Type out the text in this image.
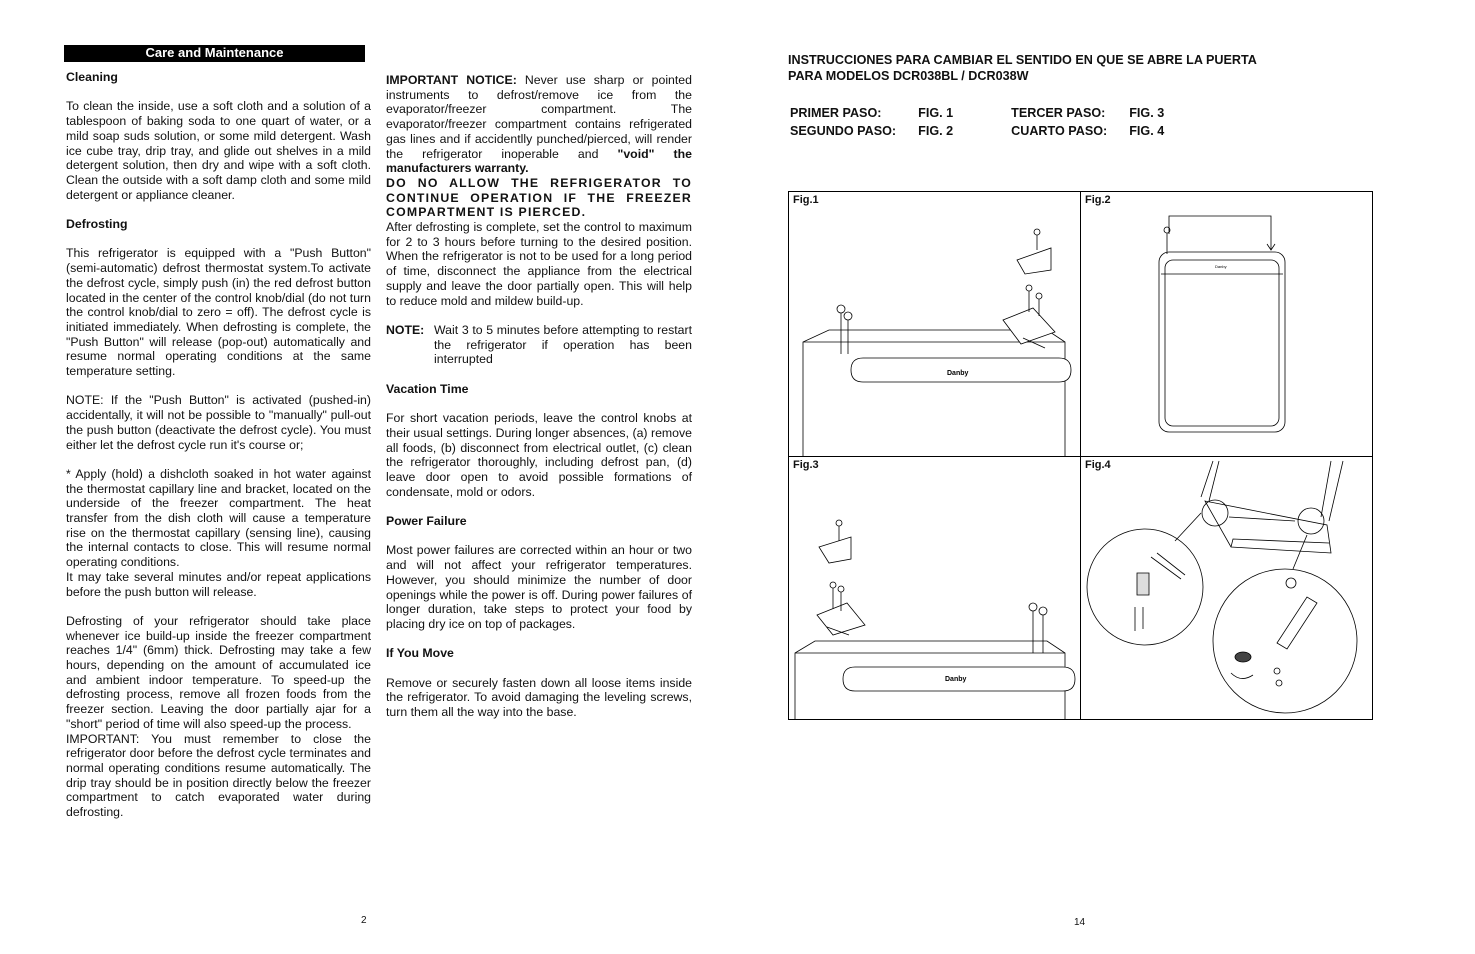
Care and Maintenance
Cleaning

To clean the inside, use a soft cloth and a solution of a tablespoon of baking soda to one quart of water, or a mild soap suds solution, or some mild detergent. Wash ice cube tray, drip tray, and glide out shelves in a mild detergent solution, then dry and wipe with a soft cloth. Clean the outside with a soft damp cloth and some mild detergent or appliance cleaner.

Defrosting

This refrigerator is equipped with a "Push Button" (semi-automatic) defrost thermostat system.To activate the defrost cycle, simply push (in) the red defrost button located in the center of the control knob/dial (do not turn the control knob/dial to zero = off). The defrost cycle is initiated immediately. When defrosting is complete, the "Push Button" will release (pop-out) automatically and resume normal operating conditions at the same temperature setting.

NOTE: If the "Push Button" is activated (pushed-in) accidentally, it will not be possible to "manually" pull-out the push button (deactivate the defrost cycle). You must either let the defrost cycle run it's course or;

* Apply (hold) a dishcloth soaked in hot water against the thermostat capillary line and bracket, located on the underside of the freezer compartment. The heat transfer from the dish cloth will cause a temperature rise on the thermostat capillary (sensing line), causing the internal contacts to close. This will resume normal operating conditions.

It may take several minutes and/or repeat applications before the push button will release.

Defrosting of your refrigerator should take place whenever ice build-up inside the freezer compartment reaches 1/4" (6mm) thick. Defrosting may take a few hours, depending on the amount of accumulated ice and ambient indoor temperature. To speed-up the defrosting process, remove all frozen foods from the freezer section. Leaving the door partially ajar for a "short" period of time will also speed-up the process.

IMPORTANT: You must remember to close the refrigerator door before the defrost cycle terminates and normal operating conditions resume automatically. The drip tray should be in position directly below the freezer compartment to catch evaporated water during defrosting.

2

IMPORTANT NOTICE: Never use sharp or pointed instruments to defrost/remove ice from the evaporator/freezer compartment. The evaporator/freezer compartment contains refrigerated gas lines and if accidentlly punched/pierced, will render the refrigerator inoperable and "void" the manufacturers warranty.

DO NO ALLOW THE REFRIGERATOR TO CONTINUE OPERATION IF THE FREEZER COMPARTMENT IS PIERCED.

After defrosting is complete, set the control to maximum for 2 to 3 hours before turning to the desired position. When the refrigerator is not to be used for a long period of time, disconnect the appliance from the electrical supply and leave the door partially open. This will help to reduce mold and mildew build-up.

NOTE: Wait 3 to 5 minutes before attempting to restart the refrigerator if operation has been interrupted

Vacation Time

For short vacation periods, leave the control knobs at their usual settings. During longer absences, (a) remove all foods, (b) disconnect from electrical outlet, (c) clean the refrigerator thoroughly, including defrost pan, (d) leave door open to avoid possible formations of condensate, mold or odors.

Power Failure

Most power failures are corrected within an hour or two and will not affect your refrigerator temperatures. However, you should minimize the number of door openings while the power is off. During power failures of longer duration, take steps to protect your food by placing dry ice on top of packages.

If You Move

Remove or securely fasten down all loose items inside the refrigerator. To avoid damaging the leveling screws, turn them all the way into the base.

INSTRUCCIONES PARA CAMBIAR EL SENTIDO EN QUE SE ABRE LA PUERTA
PARA MODELOS DCR038BL / DCR038W
PRIMER PASO:	FIG. 1	TERCER PASO:	FIG. 3
SEGUNDO PASO:	FIG. 2	CUARTO PASO:	FIG. 4
Fig.1
Danby
Fig.2
Danby
Fig.3
Danby
Fig.4
14
